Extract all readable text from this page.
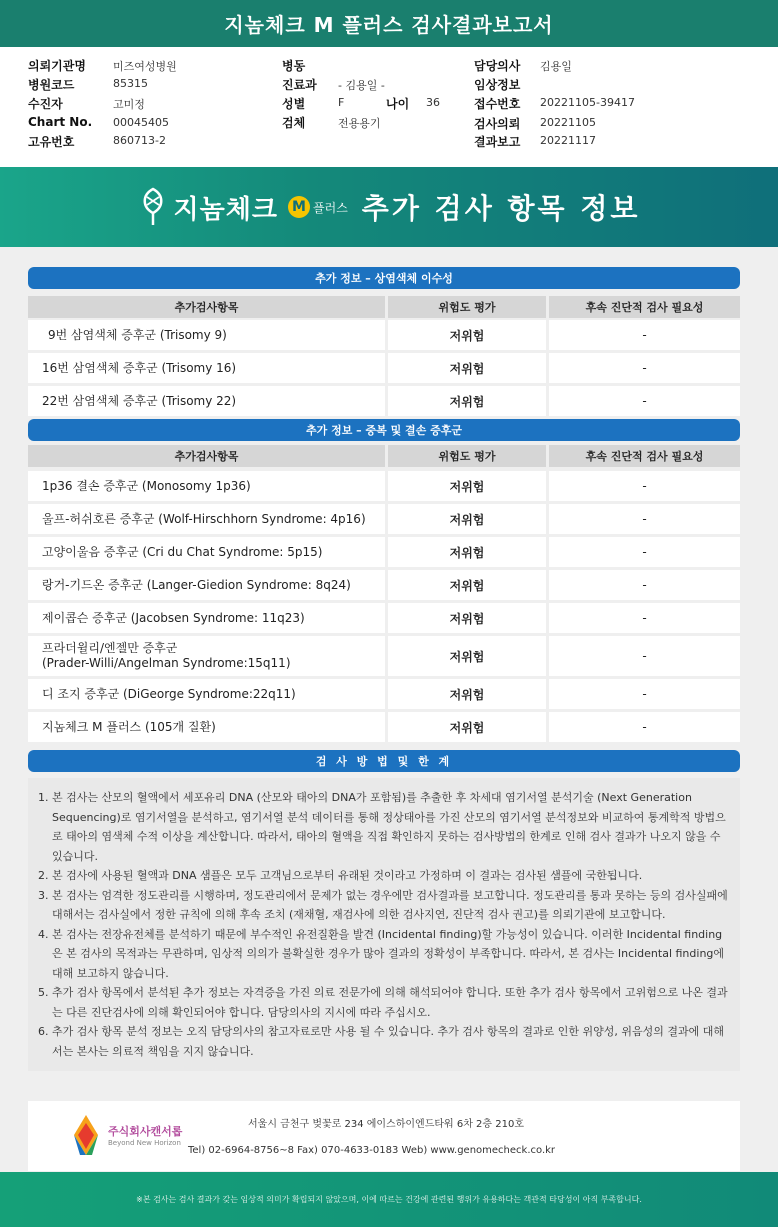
지놈체크 M 플러스 검사결과보고서
의뢰기관명 미즈여성병원
병원코드	85315
수진자	고미정
Chart No. 00045405
고유번호	860713-2
병동
진료과 - 김용일 -
성별	F	나이 36
검체	전용용기
담당의사 김용일
임상정보
접수번호 20221105-39417
검사의뢰 20221105
결과보고 20221117
지놈체크 M 플러스 추가 검사 항목 정보
추가 정보 – 상염색체 이수성
추가검사항목	위험도 평가	후속 진단적 검사 필요성
9번 삼염색체 증후군 (Trisomy 9)	저위험	-
16번 삼염색체 증후군 (Trisomy 16)	저위험	-
22번 삼염색체 증후군 (Trisomy 22)	저위험	-
추가 정보 – 중복 및 결손 증후군
추가검사항목	위험도 평가	후속 진단적 검사 필요성
1p36 결손 증후군 (Monosomy 1p36)	저위험	-
울프-허쉬호른 증후군 (Wolf-Hirschhorn Syndrome: 4p16)	저위험	-
고양이울음 증후군 (Cri du Chat Syndrome: 5p15)	저위험	-
랑거-기드온 증후군 (Langer-Giedion Syndrome: 8q24)	저위험	-
제이콥슨 증후군 (Jacobsen Syndrome: 11q23)	저위험	-
프라더윌리/엔젤만 증후군
(Prader-Willi/Angelman Syndrome:15q11)	저위험	-
디 조지 증후군 (DiGeorge Syndrome:22q11)	저위험	-
지놈체크 M 플러스 (105개 질환)	저위험	-
검 사 방 법 및 한 계
1. 본 검사는 산모의 혈액에서 세포유리 DNA (산모와 태아의 DNA가 포함됨)를 추출한 후 차세대 염기서열 분석기술 (Next Generation Sequencing)로 염기서열을 분석하고, 염기서열 분석 데이터를 통해 정상태아를 가진 산모의 염기서열 분석정보와 비교하여 통계학적 방법으로 태아의 염색체 수적 이상을 계산합니다. 따라서, 태아의 혈액을 직접 확인하지 못하는 검사방법의 한계로 인해 검사 결과가 나오지 않을 수 있습니다.
2. 본 검사에 사용된 혈액과 DNA 샘플은 모두 고객님으로부터 유래된 것이라고 가정하며 이 결과는 검사된 샘플에 국한됩니다.
3. 본 검사는 엄격한 정도관리를 시행하며, 정도관리에서 문제가 없는 경우에만 검사결과를 보고합니다. 정도관리를 통과 못하는 등의 검사실패에 대해서는 검사실에서 정한 규칙에 의해 후속 조치 (재채혈, 재검사에 의한 검사지연, 진단적 검사 권고)를 의뢰기관에 보고합니다.
4. 본 검사는 전장유전체를 분석하기 때문에 부수적인 유전질환을 발견 (Incidental finding)할 가능성이 있습니다. 이러한 Incidental finding은 본 검사의 목적과는 무관하며, 임상적 의의가 불확실한 경우가 많아 결과의 정확성이 부족합니다. 따라서, 본 검사는 Incidental finding에 대해 보고하지 않습니다.
5. 추가 검사 항목에서 분석된 추가 정보는 자격증을 가진 의료 전문가에 의해 해석되어야 합니다. 또한 추가 검사 항목에서 고위험으로 나온 결과는 다른 진단검사에 의해 확인되어야 합니다. 담당의사의 지시에 따라 주십시오.
6. 추가 검사 항목 분석 정보는 오직 담당의사의 참고자료로만 사용 될 수 있습니다. 추가 검사 항목의 결과로 인한 위양성, 위음성의 결과에 대해서는 본사는 의료적 책임을 지지 않습니다.
주식회사캔서롭
Beyond New Horizon
서울시 금천구 벚꽃로 234 에이스하이엔드타워 6차 2층 210호
Tel) 02-6964-8756~8 Fax) 070-4633-0183 Web) www.genomecheck.co.kr
※본 검사는 검사 결과가 갖는 임상적 의미가 확립되지 않았으며, 이에 따르는 건강에 관련된 행위가 유용하다는 객관적 타당성이 아직 부족합니다.
